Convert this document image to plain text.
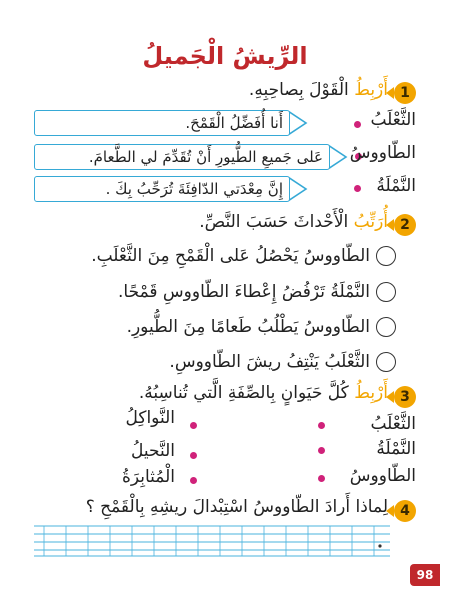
الرِّيشُ الْجَميلُ
1
أَرْبِطُ الْقَوْلَ بِصاحِبِهِ.
أَنا أُفَضِّلُ الْقَمْحَ.
عَلى جَميعِ الطُّيورِ أَنْ تُقَدِّمَ لي الطَّعامَ.
إِنَّ مِعْدَتي الدّافِئَةَ تُرَحِّبُ بِكَ .
الثَّعْلَبُ
الطّاووسُ
النَّمْلَةُ
2
أُرَتِّبُ الْأَحْداثَ حَسَبَ النَّصِّ.
الطّاووسُ يَحْصُلُ عَلى الْقَمْحِ مِنَ الثَّعْلَبِ.
النَّمْلَةُ تَرْفُضُ إِعْطاءَ الطّاووسِ قَمْحًا.
الطّاووسُ يَطْلُبُ طَعامًا مِنَ الطُّيورِ.
الثَّعْلَبُ يَنْتِفُ ريشَ الطّاووسِ.
3
أَرْبِطُ كُلَّ حَيَوانٍ بِالصِّفَةِ الَّتي تُناسِبُهُ.
الثَّعْلَبُ
النَّواكِلُ
النَّمْلَةُ
النَّحيلُ
الطّاووسُ
الْمُثابِرَةُ
4
لِماذا أَرادَ الطّاووسُ اسْتِبْدالَ ريشِهِ بِالْقَمْحِ ؟
98
